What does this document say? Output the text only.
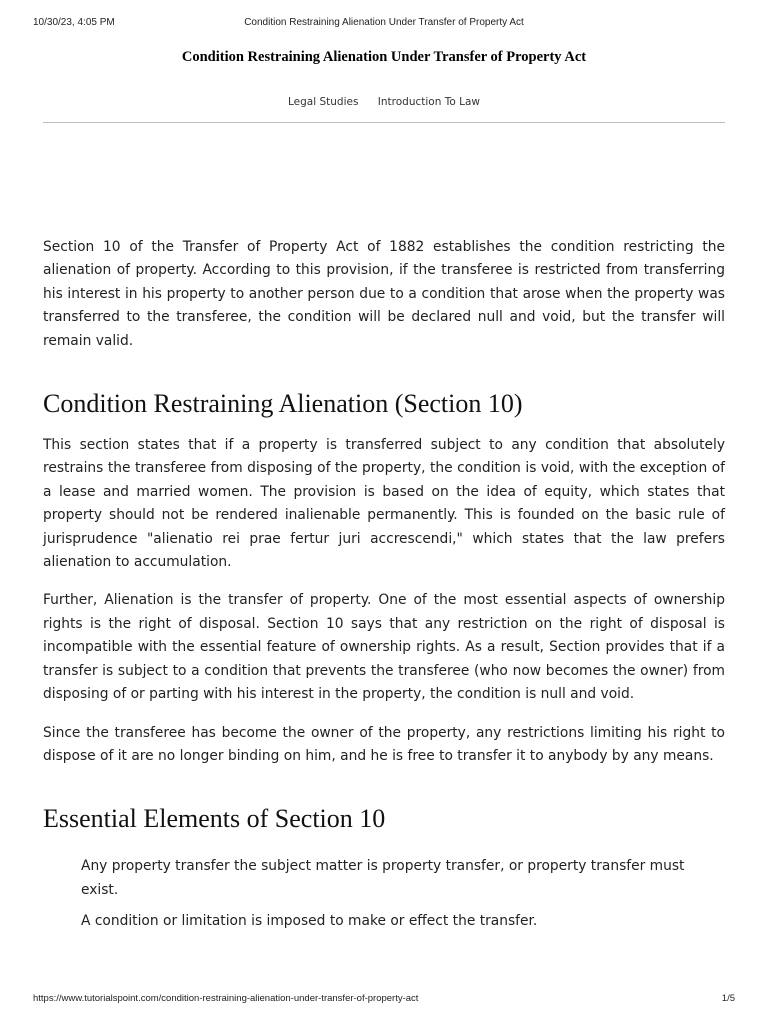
10/30/23, 4:05 PM	Condition Restraining Alienation Under Transfer of Property Act
Condition Restraining Alienation Under Transfer of Property Act
Legal Studies Introduction To Law

Section 10 of the Transfer of Property Act of 1882 establishes the condition restricting the alienation of property. According to this provision, if the transferee is restricted from transferring his interest in his property to another person due to a condition that arose when the property was transferred to the transferee, the condition will be declared null and void, but the transfer will remain valid.

Condition Restraining Alienation (Section 10)

This section states that if a property is transferred subject to any condition that absolutely restrains the transferee from disposing of the property, the condition is void, with the exception of a lease and married women. The provision is based on the idea of equity, which states that property should not be rendered inalienable permanently. This is founded on the basic rule of jurisprudence "alienatio rei prae fertur juri accrescendi," which states that the law prefers alienation to accumulation.

Further, Alienation is the transfer of property. One of the most essential aspects of ownership rights is the right of disposal. Section 10 says that any restriction on the right of disposal is incompatible with the essential feature of ownership rights. As a result, Section provides that if a transfer is subject to a condition that prevents the transferee (who now becomes the owner) from disposing of or parting with his interest in the property, the condition is null and void.

Since the transferee has become the owner of the property, any restrictions limiting his right to dispose of it are no longer binding on him, and he is free to transfer it to anybody by any means.

Essential Elements of Section 10

Any property transfer the subject matter is property transfer, or property transfer must exist.

A condition or limitation is imposed to make or effect the transfer.

https://www.tutorialspoint.com/condition-restraining-alienation-under-transfer-of-property-act	1/5
